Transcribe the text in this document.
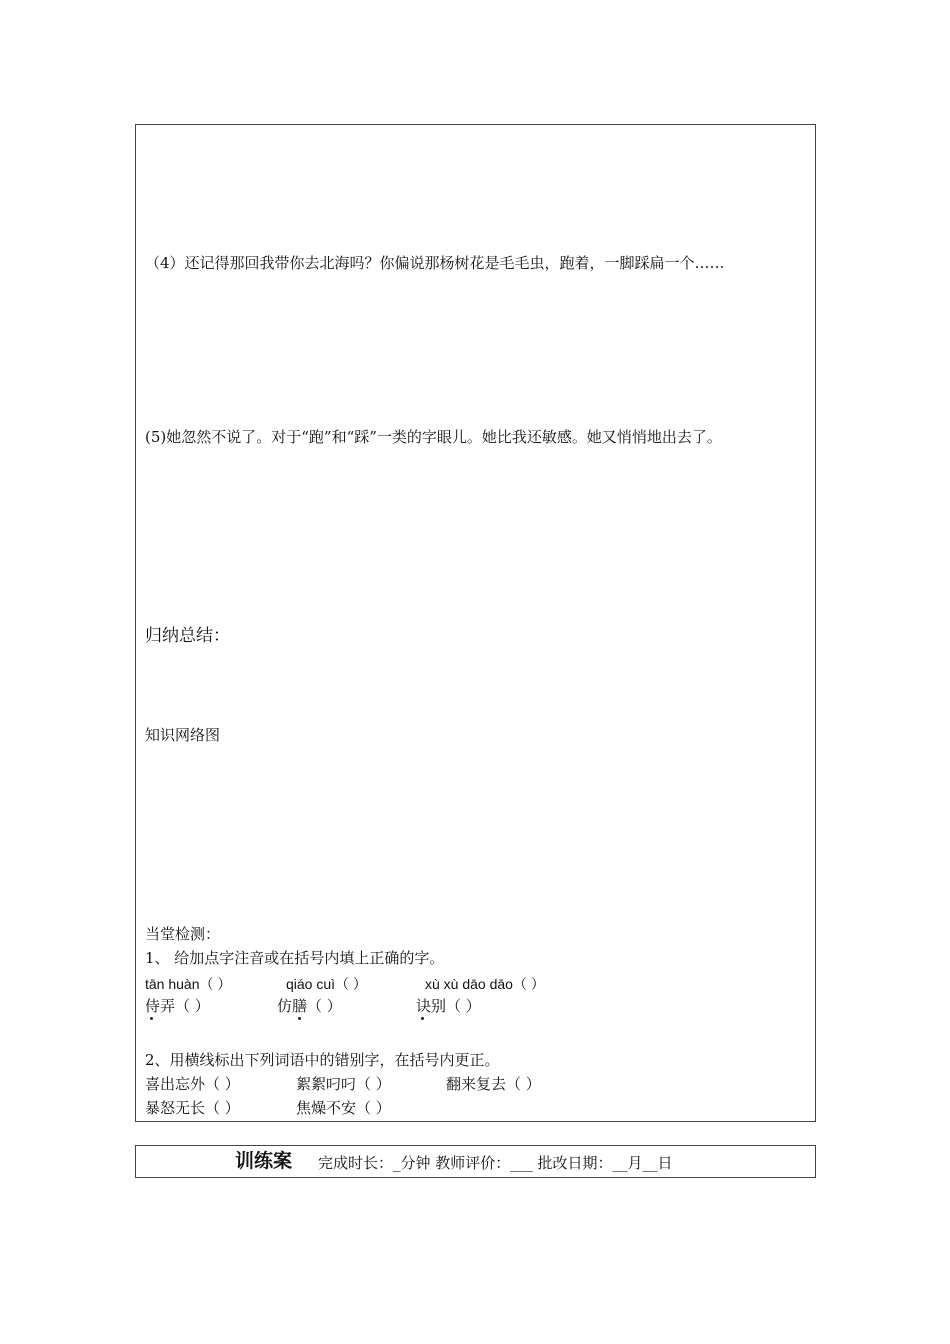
（4）还记得那回我带你去北海吗？你偏说那杨树花是毛毛虫，跑着，一脚踩扁一个……
(5)她忽然不说了。对于“跑”和“踩”一类的字眼儿。她比我还敏感。她又悄悄地出去了。
归纳总结：
知识网络图
当堂检测：
1、 给加点字注音或在括号内填上正确的字。
tān huàn（ ）	qiáo cuì（ ）	xù xù dāo dāo（ ）
侍弄（ ）	仿膳（ ）	诀别（ ）
2、用横线标出下列词语中的错别字，在括号内更正。
喜出忘外（ ）	絮絮叼叼（ ）	翻来复去（ ）
暴怒无长（ ）	焦燥不安（ ）
训练案 完成时长：_分钟 教师评价：___ 批改日期：__月__日
